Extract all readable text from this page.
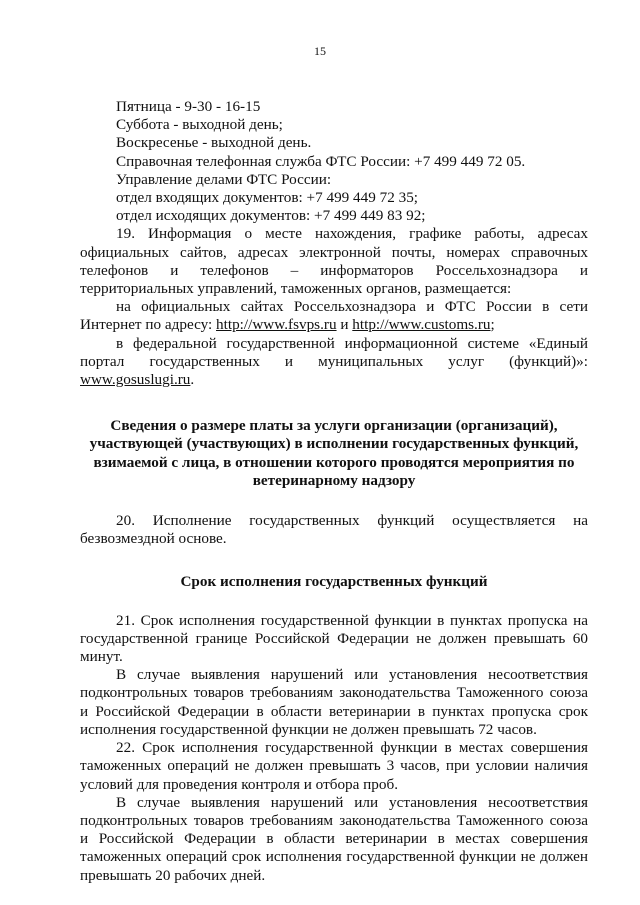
15

Пятница - 9-30 - 16-15

Суббота - выходной день;

Воскресенье - выходной день.

Справочная телефонная служба ФТС России: +7 499 449 72 05.

Управление делами ФТС России:

отдел входящих документов: +7 499 449 72 35;

отдел исходящих документов: +7 499 449 83 92;

19. Информация о месте нахождения, графике работы, адресах официальных сайтов, адресах электронной почты, номерах справочных телефонов и телефонов – информаторов Россельхознадзора и территориальных управлений, таможенных органов, размещается:

на официальных сайтах Россельхознадзора и ФТС России в сети Интернет по адресу: http://www.fsvps.ru и http://www.customs.ru;

в федеральной государственной информационной системе «Единый портал государственных и муниципальных услуг (функций)»: www.gosuslugi.ru.

Сведения о размере платы за услуги организации (организаций), участвующей (участвующих) в исполнении государственных функций, взимаемой с лица, в отношении которого проводятся мероприятия по ветеринарному надзору

20. Исполнение государственных функций осуществляется на безвозмездной основе.

Срок исполнения государственных функций

21. Срок исполнения государственной функции в пунктах пропуска на государственной границе Российской Федерации не должен превышать 60 минут.

В случае выявления нарушений или установления несоответствия подконтрольных товаров требованиям законодательства Таможенного союза и Российской Федерации в области ветеринарии в пунктах пропуска срок исполнения государственной функции не должен превышать 72 часов.

22. Срок исполнения государственной функции в местах совершения таможенных операций не должен превышать 3 часов, при условии наличия условий для проведения контроля и отбора проб.

В случае выявления нарушений или установления несоответствия подконтрольных товаров требованиям законодательства Таможенного союза и Российской Федерации в области ветеринарии в местах совершения таможенных операций срок исполнения государственной функции не должен превышать 20 рабочих дней.
